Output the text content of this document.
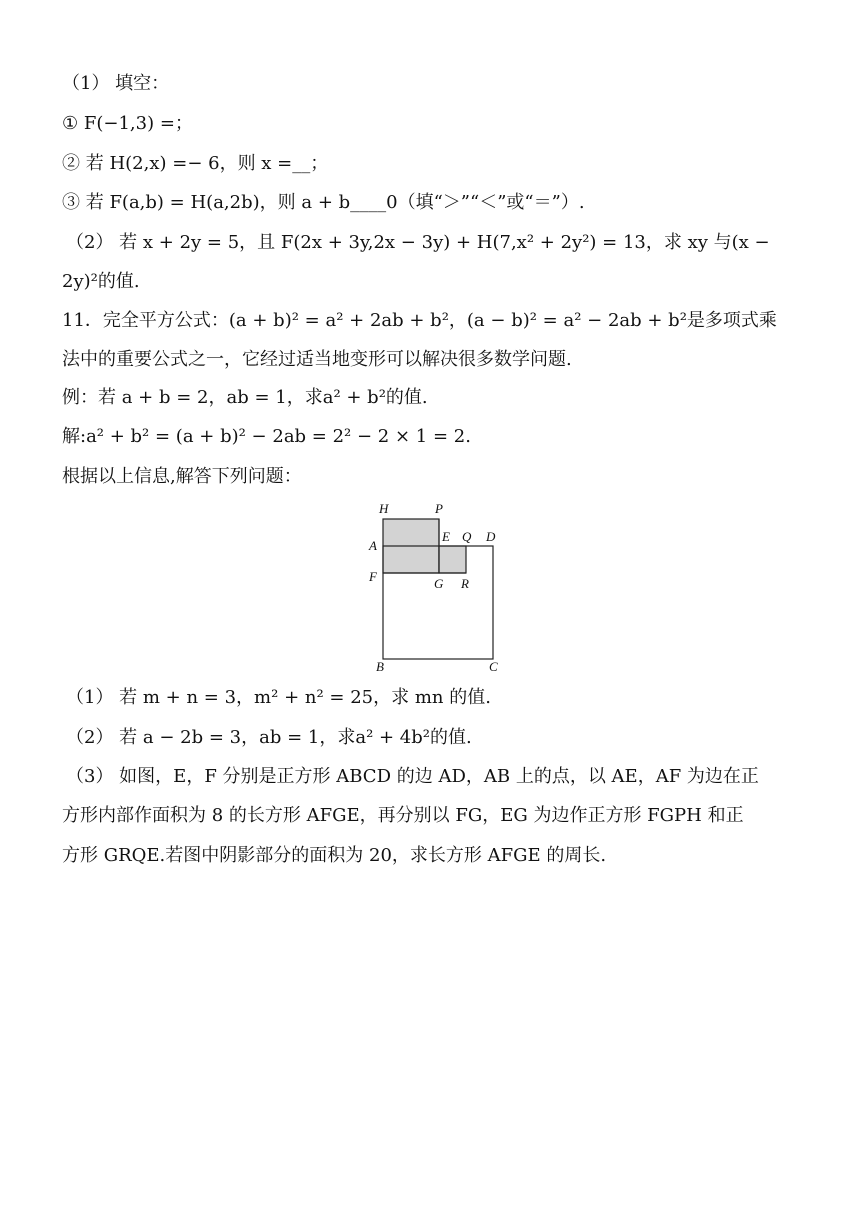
（1） 填空：
① F(−1,3) =；
② 若 H(2,x) =− 6，则 x =__；
③ 若 F(a,b) = H(a,2b)，则 a + b____0（填“＞”“＜”或“＝”）.
（2） 若 x + 2y = 5，且 F(2x + 3y,2x − 3y) + H(7,x² + 2y²) = 13，求 xy 与(x −
2y)²的值.
11．完全平方公式：(a + b)² = a² + 2ab + b²，(a − b)² = a² − 2ab + b²是多项式乘
法中的重要公式之一，它经过适当地变形可以解决很多数学问题.
例：若 a + b = 2，ab = 1，求a² + b²的值.
解:a² + b² = (a + b)² − 2ab = 2² − 2 × 1 = 2.
根据以上信息,解答下列问题：
H	P
A
E Q D
F	G R
B	C
（1） 若 m + n = 3，m² + n² = 25，求 mn 的值.
（2） 若 a − 2b = 3，ab = 1，求a² + 4b²的值.
（3） 如图，E，F 分别是正方形 ABCD 的边 AD，AB 上的点，以 AE，AF 为边在正
方形内部作面积为 8 的长方形 AFGE，再分别以 FG，EG 为边作正方形 FGPH 和正
方形 GRQE.若图中阴影部分的面积为 20，求长方形 AFGE 的周长.
